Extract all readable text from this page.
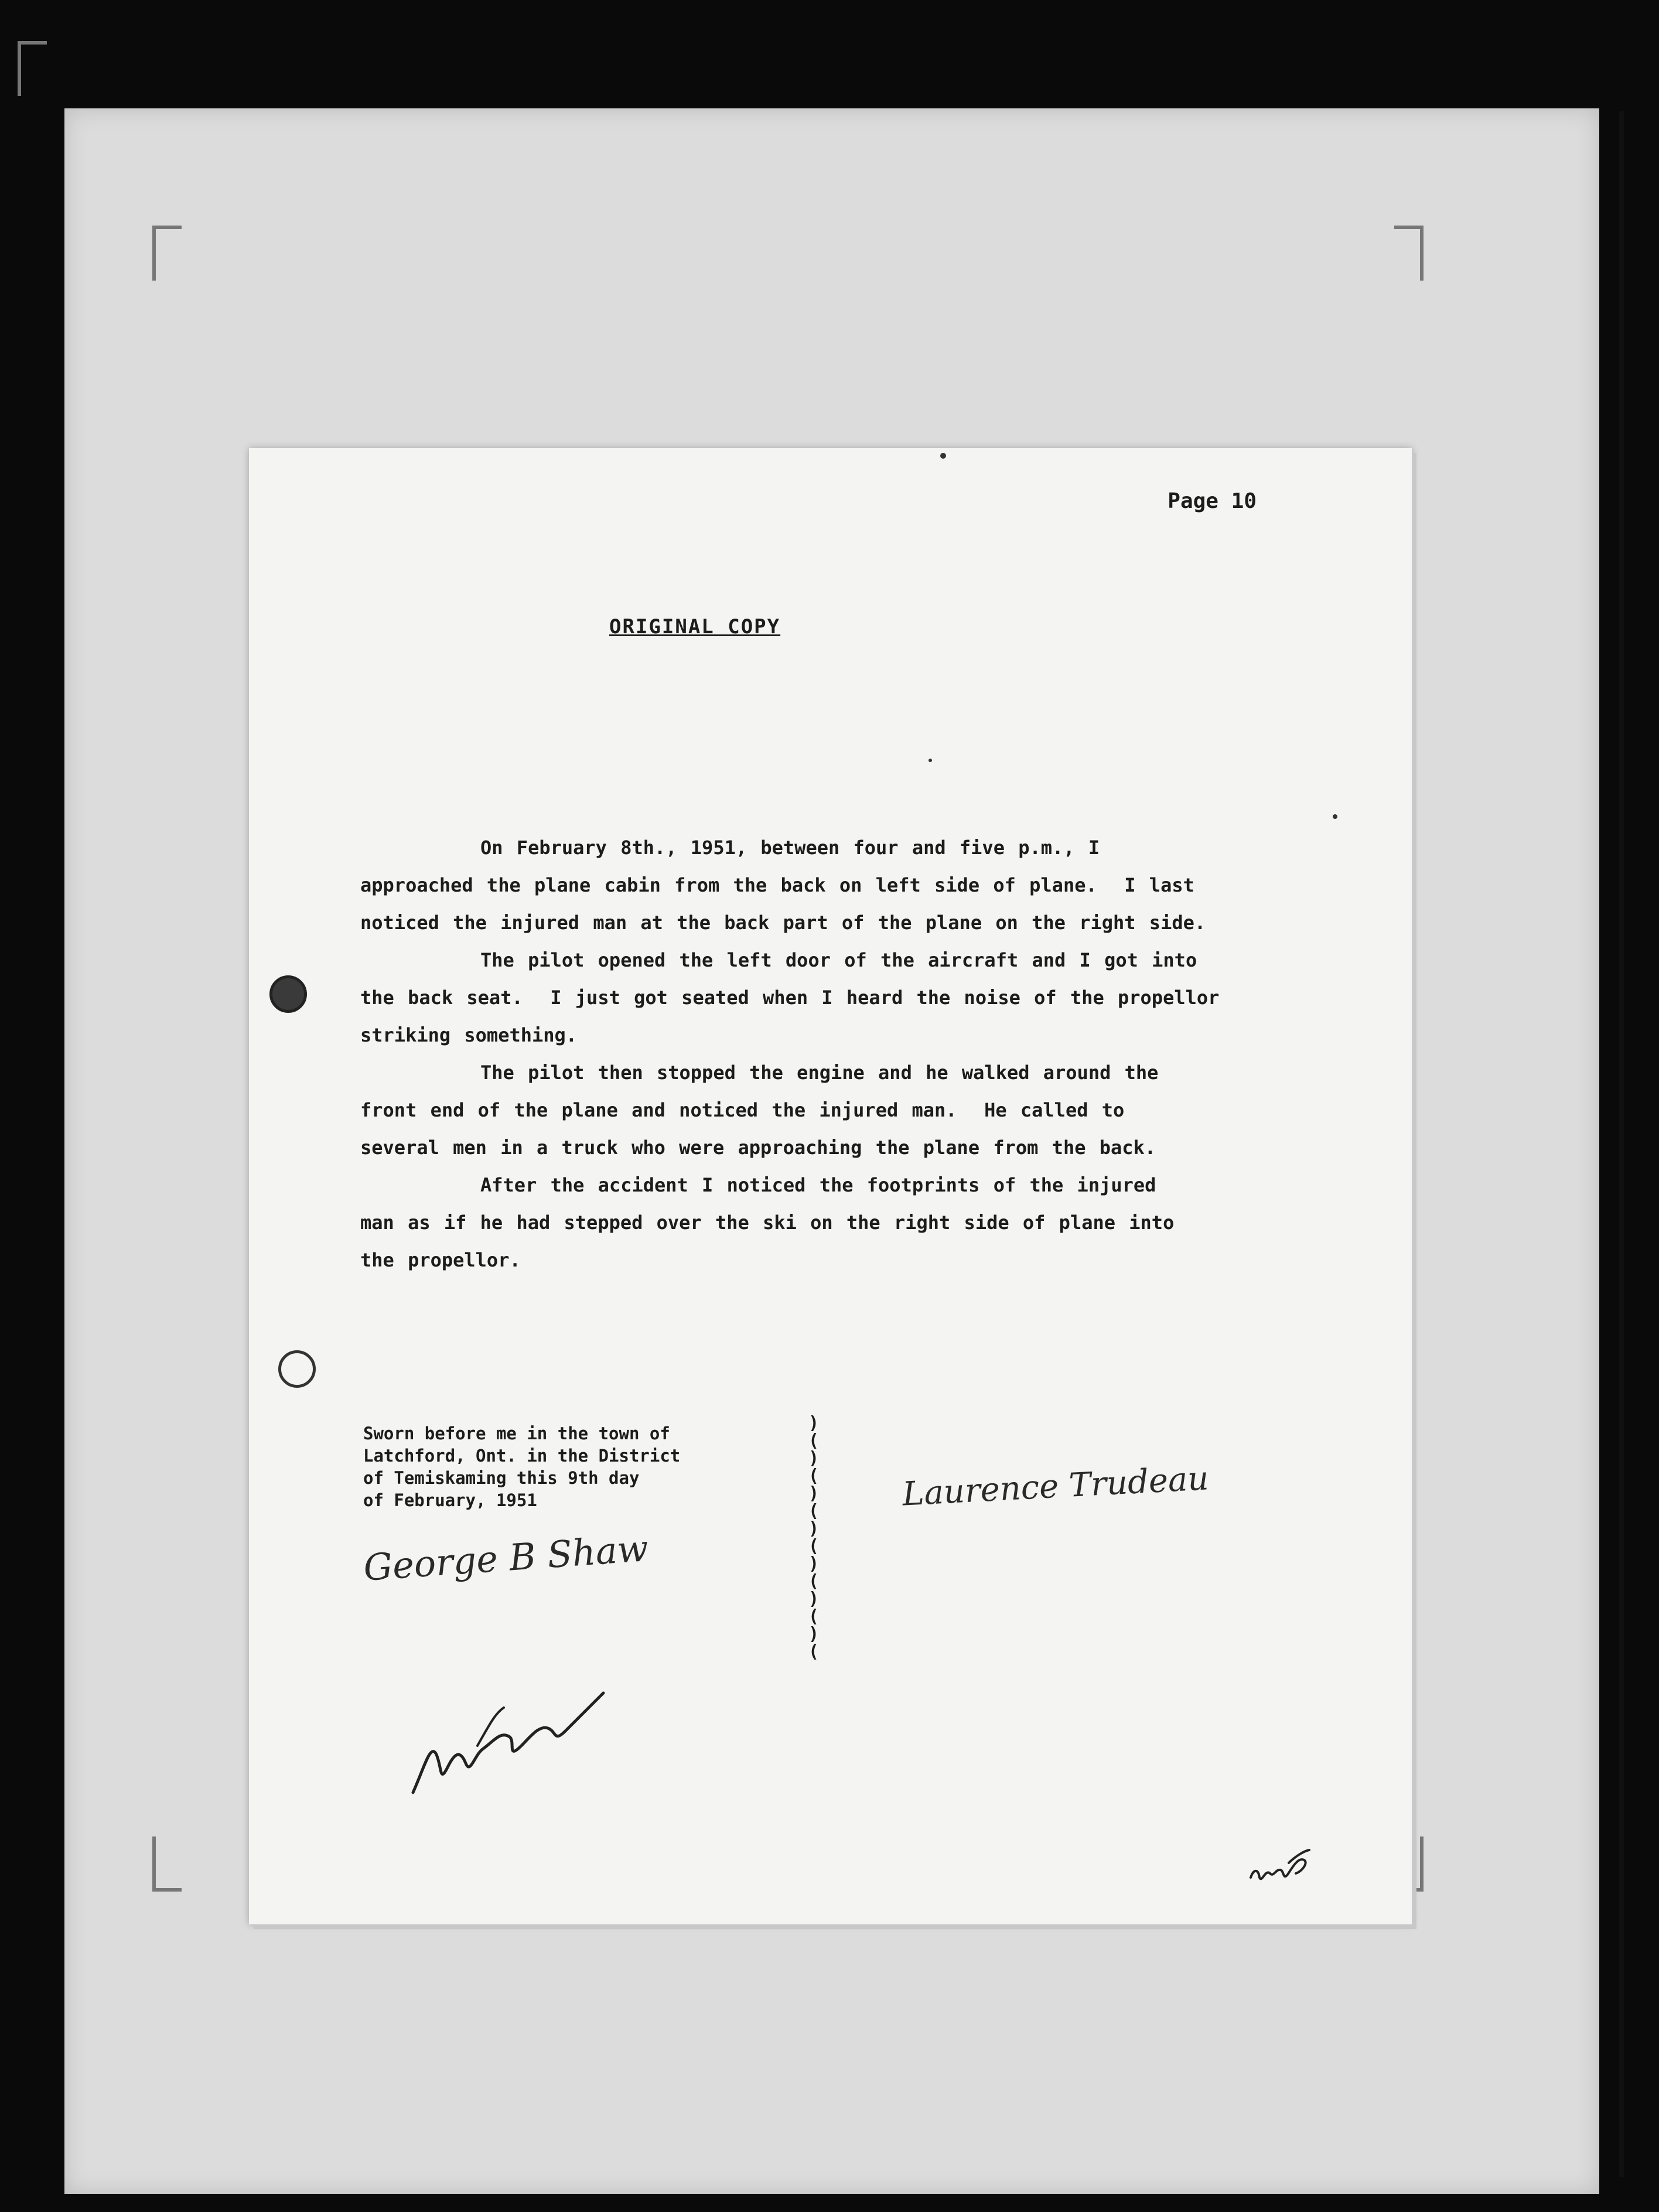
Page 10
ORIGINAL COPY
On February 8th., 1951, between four and five p.m., I
approached the plane cabin from the back on left side of plane.  I last
noticed the injured man at the back part of the plane on the right side.
The pilot opened the left door of the aircraft and I got into
the back seat.  I just got seated when I heard the noise of the propellor
striking something.
The pilot then stopped the engine and he walked around the
front end of the plane and noticed the injured man.  He called to
several men in a truck who were approaching the plane from the back.
After the accident I noticed the footprints of the injured
man as if he had stepped over the ski on the right side of plane into
the propellor.
Sworn before me in the town of
Latchford, Ont. in the District
of Temiskaming this 9th day
of February, 1951
)
(
)
(
)
(
)
(
)
(
)
(
)
(
George B Shaw
Laurence Trudeau
